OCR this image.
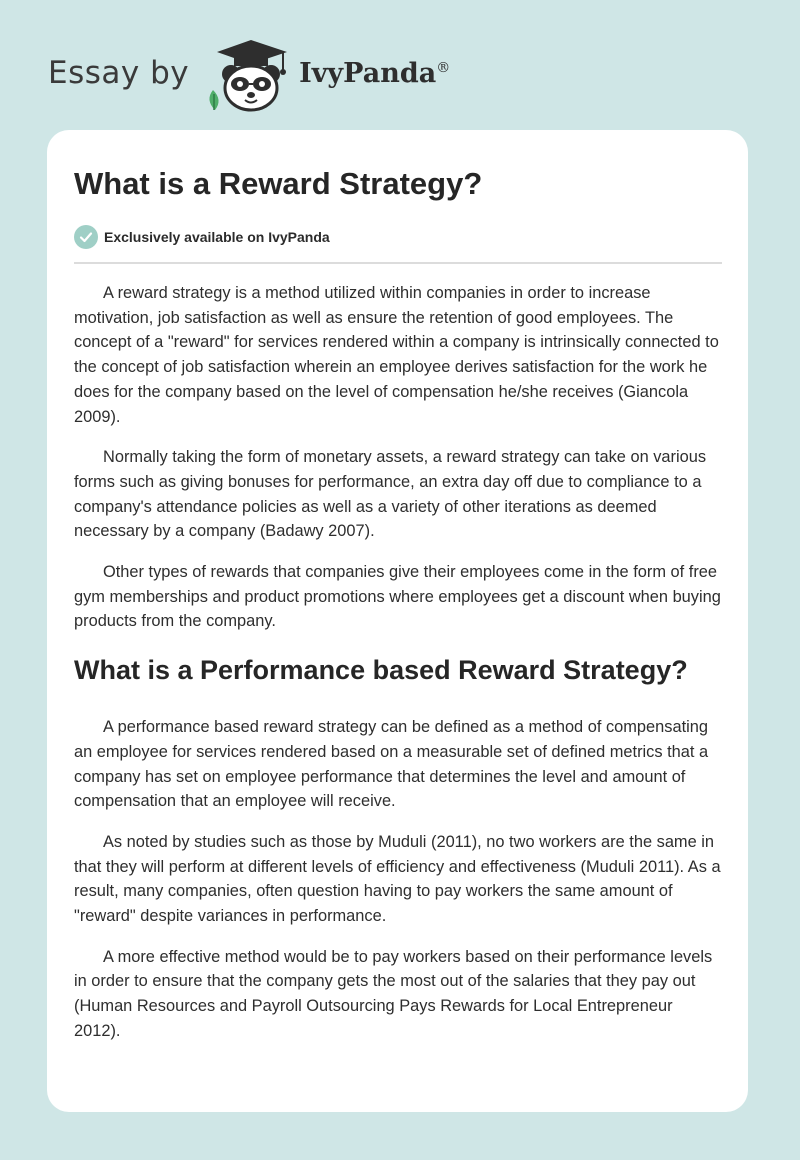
Essay by	IvyPanda®
What is a Reward Strategy?
Exclusively available on IvyPanda

A reward strategy is a method utilized within companies in order to increase motivation, job satisfaction as well as ensure the retention of good employees. The concept of a "reward" for services rendered within a company is intrinsically connected to the concept of job satisfaction wherein an employee derives satisfaction for the work he does for the company based on the level of compensation he/she receives (Giancola 2009).

Normally taking the form of monetary assets, a reward strategy can take on various forms such as giving bonuses for performance, an extra day off due to compliance to a company's attendance policies as well as a variety of other iterations as deemed necessary by a company (Badawy 2007).

Other types of rewards that companies give their employees come in the form of free gym memberships and product promotions where employees get a discount when buying products from the company.

What is a Performance based Reward Strategy?

A performance based reward strategy can be defined as a method of compensating an employee for services rendered based on a measurable set of defined metrics that a company has set on employee performance that determines the level and amount of compensation that an employee will receive.

As noted by studies such as those by Muduli (2011), no two workers are the same in that they will perform at different levels of efficiency and effectiveness (Muduli 2011). As a result, many companies, often question having to pay workers the same amount of "reward" despite variances in performance.

A more effective method would be to pay workers based on their performance levels in order to ensure that the company gets the most out of the salaries that they pay out (Human Resources and Payroll Outsourcing Pays Rewards for Local Entrepreneur 2012).
